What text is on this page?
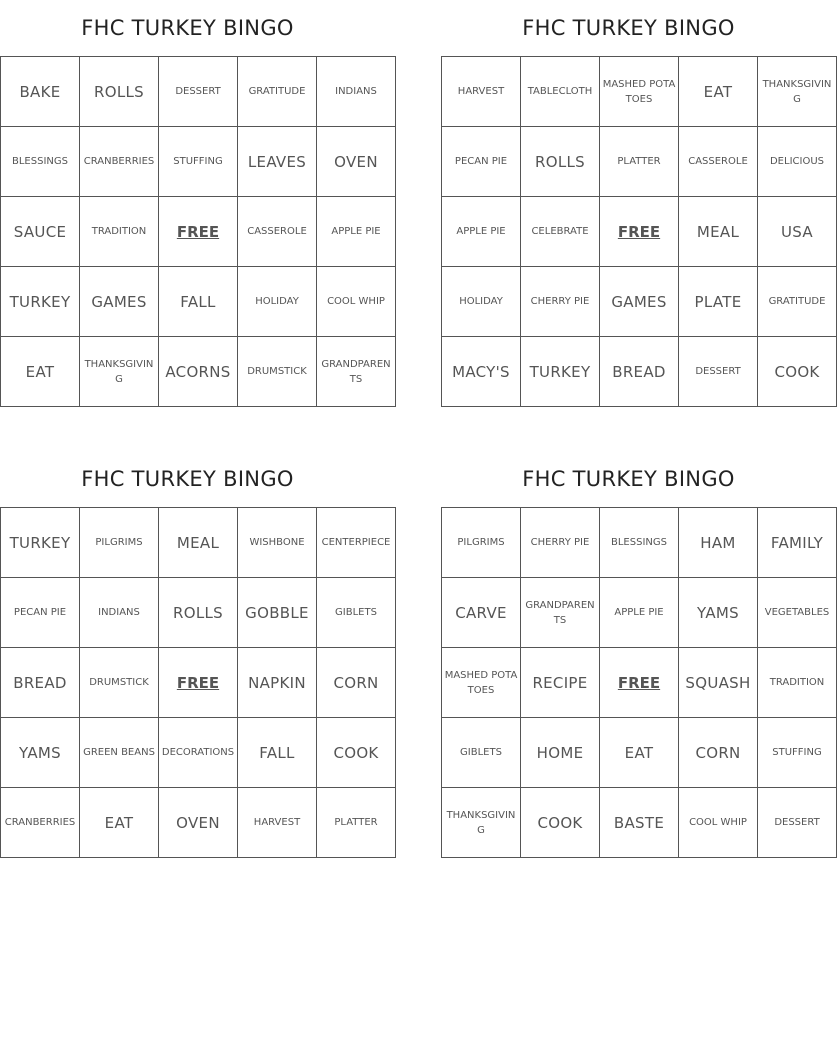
FHC TURKEY BINGO
BAKE	ROLLS	DESSERT	GRATITUDE	INDIANS
BLESSINGS	CRANBERRIES	STUFFING	LEAVES	OVEN
SAUCE	TRADITION	FREE	CASSEROLE	APPLE PIE
TURKEY	GAMES	FALL	HOLIDAY	COOL WHIP
EAT	THANKSGIVING	ACORNS	DRUMSTICK	GRANDPARENTS
FHC TURKEY BINGO
HARVEST	TABLECLOTH	MASHED POTATOES	EAT	THANKSGIVING
PECAN PIE	ROLLS	PLATTER	CASSEROLE	DELICIOUS
APPLE PIE	CELEBRATE	FREE	MEAL	USA
HOLIDAY	CHERRY PIE	GAMES	PLATE	GRATITUDE
MACY'S	TURKEY	BREAD	DESSERT	COOK
FHC TURKEY BINGO
TURKEY	PILGRIMS	MEAL	WISHBONE	CENTERPIECE
PECAN PIE	INDIANS	ROLLS	GOBBLE	GIBLETS
BREAD	DRUMSTICK	FREE	NAPKIN	CORN
YAMS	GREEN BEANS	DECORATIONS	FALL	COOK
CRANBERRIES	EAT	OVEN	HARVEST	PLATTER
FHC TURKEY BINGO
PILGRIMS	CHERRY PIE	BLESSINGS	HAM	FAMILY
CARVE	GRANDPARENTS	APPLE PIE	YAMS	VEGETABLES
MASHED POTATOES	RECIPE	FREE	SQUASH	TRADITION
GIBLETS	HOME	EAT	CORN	STUFFING
THANKSGIVING	COOK	BASTE	COOL WHIP	DESSERT
